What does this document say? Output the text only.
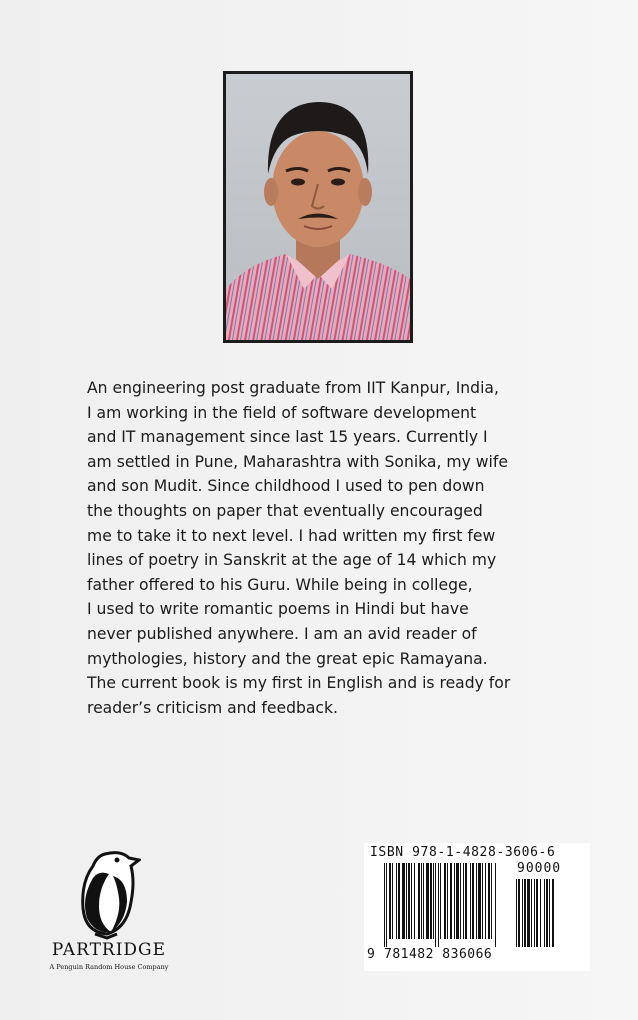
An engineering post graduate from IIT Kanpur, India,

I am working in the field of software development

and IT management since last 15 years. Currently I

am settled in Pune, Maharashtra with Sonika, my wife

and son Mudit. Since childhood I used to pen down

the thoughts on paper that eventually encouraged

me to take it to next level. I had written my first few

lines of poetry in Sanskrit at the age of 14 which my

father offered to his Guru. While being in college,

I used to write romantic poems in Hindi but have

never published anywhere. I am an avid reader of

mythologies, history and the great epic Ramayana.

The current book is my first in English and is ready for

reader’s criticism and feedback.

PARTRIDGE
A Penguin Random House Company
ISBN 978-1-4828-3606-6
90000
9 781482 836066
